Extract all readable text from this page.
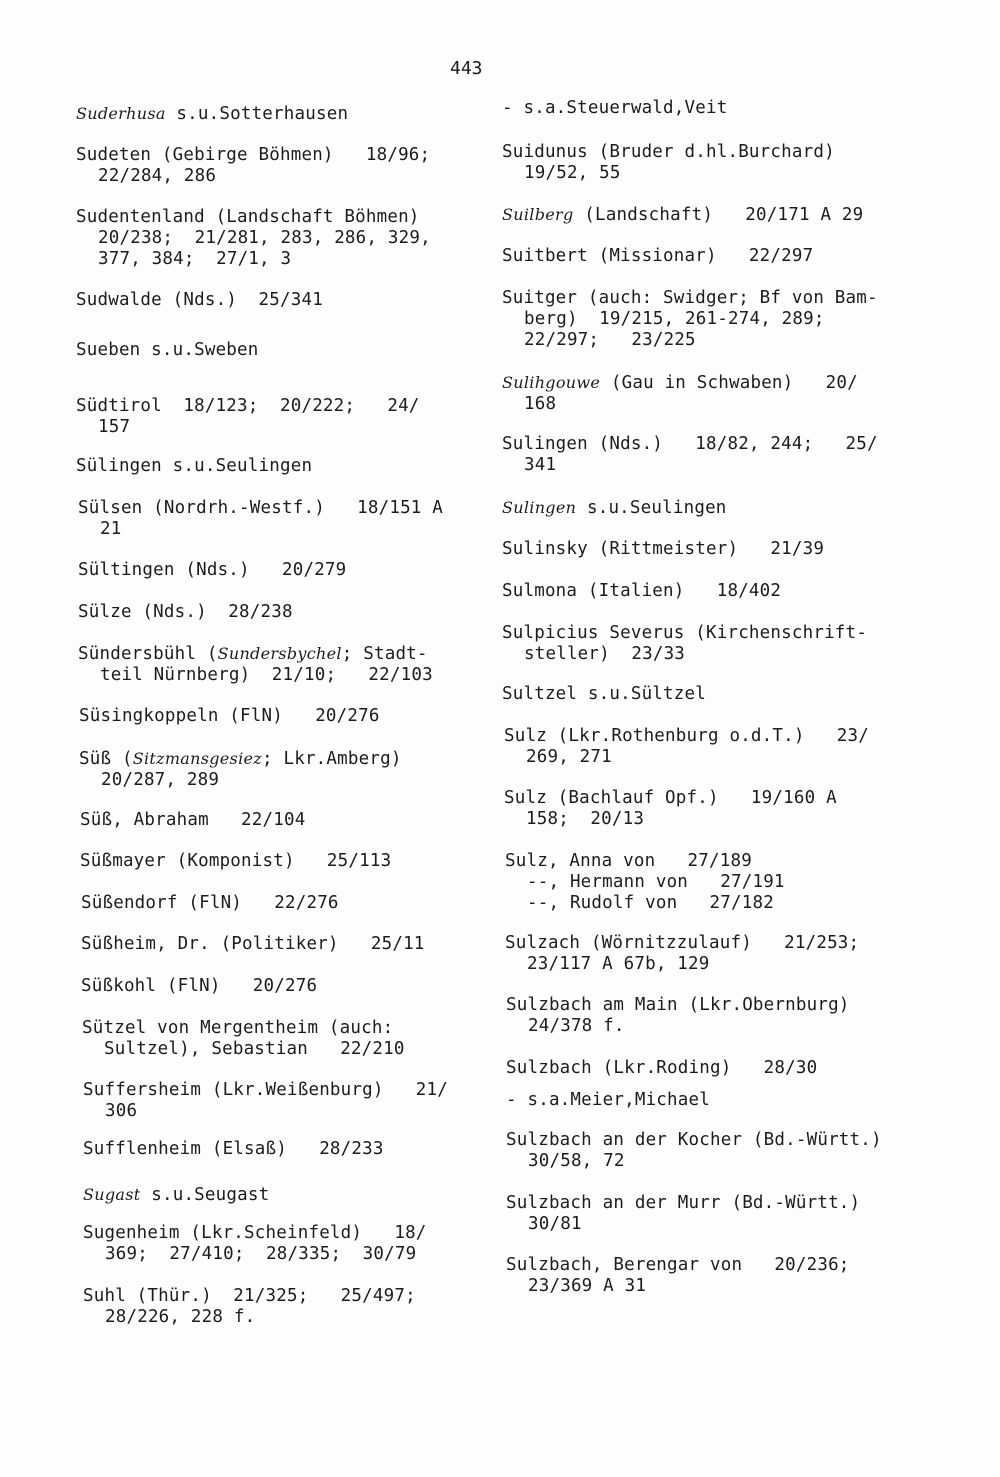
443
Suderhusa s.u.Sotterhausen
Sudeten (Gebirge Böhmen)   18/96;
22/284, 286
Sudentenland (Landschaft Böhmen)
20/238;  21/281, 283, 286, 329,
377, 384;  27/1, 3
Sudwalde (Nds.)  25/341
Sueben s.u.Sweben
Südtirol  18/123;  20/222;   24/
157
Sülingen s.u.Seulingen
Sülsen (Nordrh.-Westf.)   18/151 A
21
Sültingen (Nds.)   20/279
Sülze (Nds.)  28/238
Sündersbühl (Sundersbychel; Stadt-
teil Nürnberg)  21/10;   22/103
Süsingkoppeln (FlN)   20/276
Süß (Sitzmansgesiez; Lkr.Amberg)
20/287, 289
Süß, Abraham   22/104
Süßmayer (Komponist)   25/113
Süßendorf (FlN)   22/276
Süßheim, Dr. (Politiker)   25/11
Süßkohl (FlN)   20/276
Sützel von Mergentheim (auch:
Sultzel), Sebastian   22/210
Suffersheim (Lkr.Weißenburg)   21/
306
Sufflenheim (Elsaß)   28/233
Sugast s.u.Seugast
Sugenheim (Lkr.Scheinfeld)   18/
369;  27/410;  28/335;  30/79
Suhl (Thür.)  21/325;   25/497;
28/226, 228 f.
- s.a.Steuerwald,Veit
Suidunus (Bruder d.hl.Burchard)
19/52, 55
Suilberg (Landschaft)   20/171 A 29
Suitbert (Missionar)   22/297
Suitger (auch: Swidger; Bf von Bam-
berg)  19/215, 261-274, 289;
22/297;   23/225
Sulihgouwe (Gau in Schwaben)   20/
168
Sulingen (Nds.)   18/82, 244;   25/
341
Sulingen s.u.Seulingen
Sulinsky (Rittmeister)   21/39
Sulmona (Italien)   18/402
Sulpicius Severus (Kirchenschrift-
steller)  23/33
Sultzel s.u.Sültzel
Sulz (Lkr.Rothenburg o.d.T.)   23/
269, 271
Sulz (Bachlauf Opf.)   19/160 A
158;  20/13
Sulz, Anna von   27/189
--, Hermann von   27/191
--, Rudolf von   27/182
Sulzach (Wörnitzzulauf)   21/253;
23/117 A 67b, 129
Sulzbach am Main (Lkr.Obernburg)
24/378 f.
Sulzbach (Lkr.Roding)   28/30
- s.a.Meier,Michael
Sulzbach an der Kocher (Bd.-Württ.)
30/58, 72
Sulzbach an der Murr (Bd.-Württ.)
30/81
Sulzbach, Berengar von   20/236;
23/369 A 31
